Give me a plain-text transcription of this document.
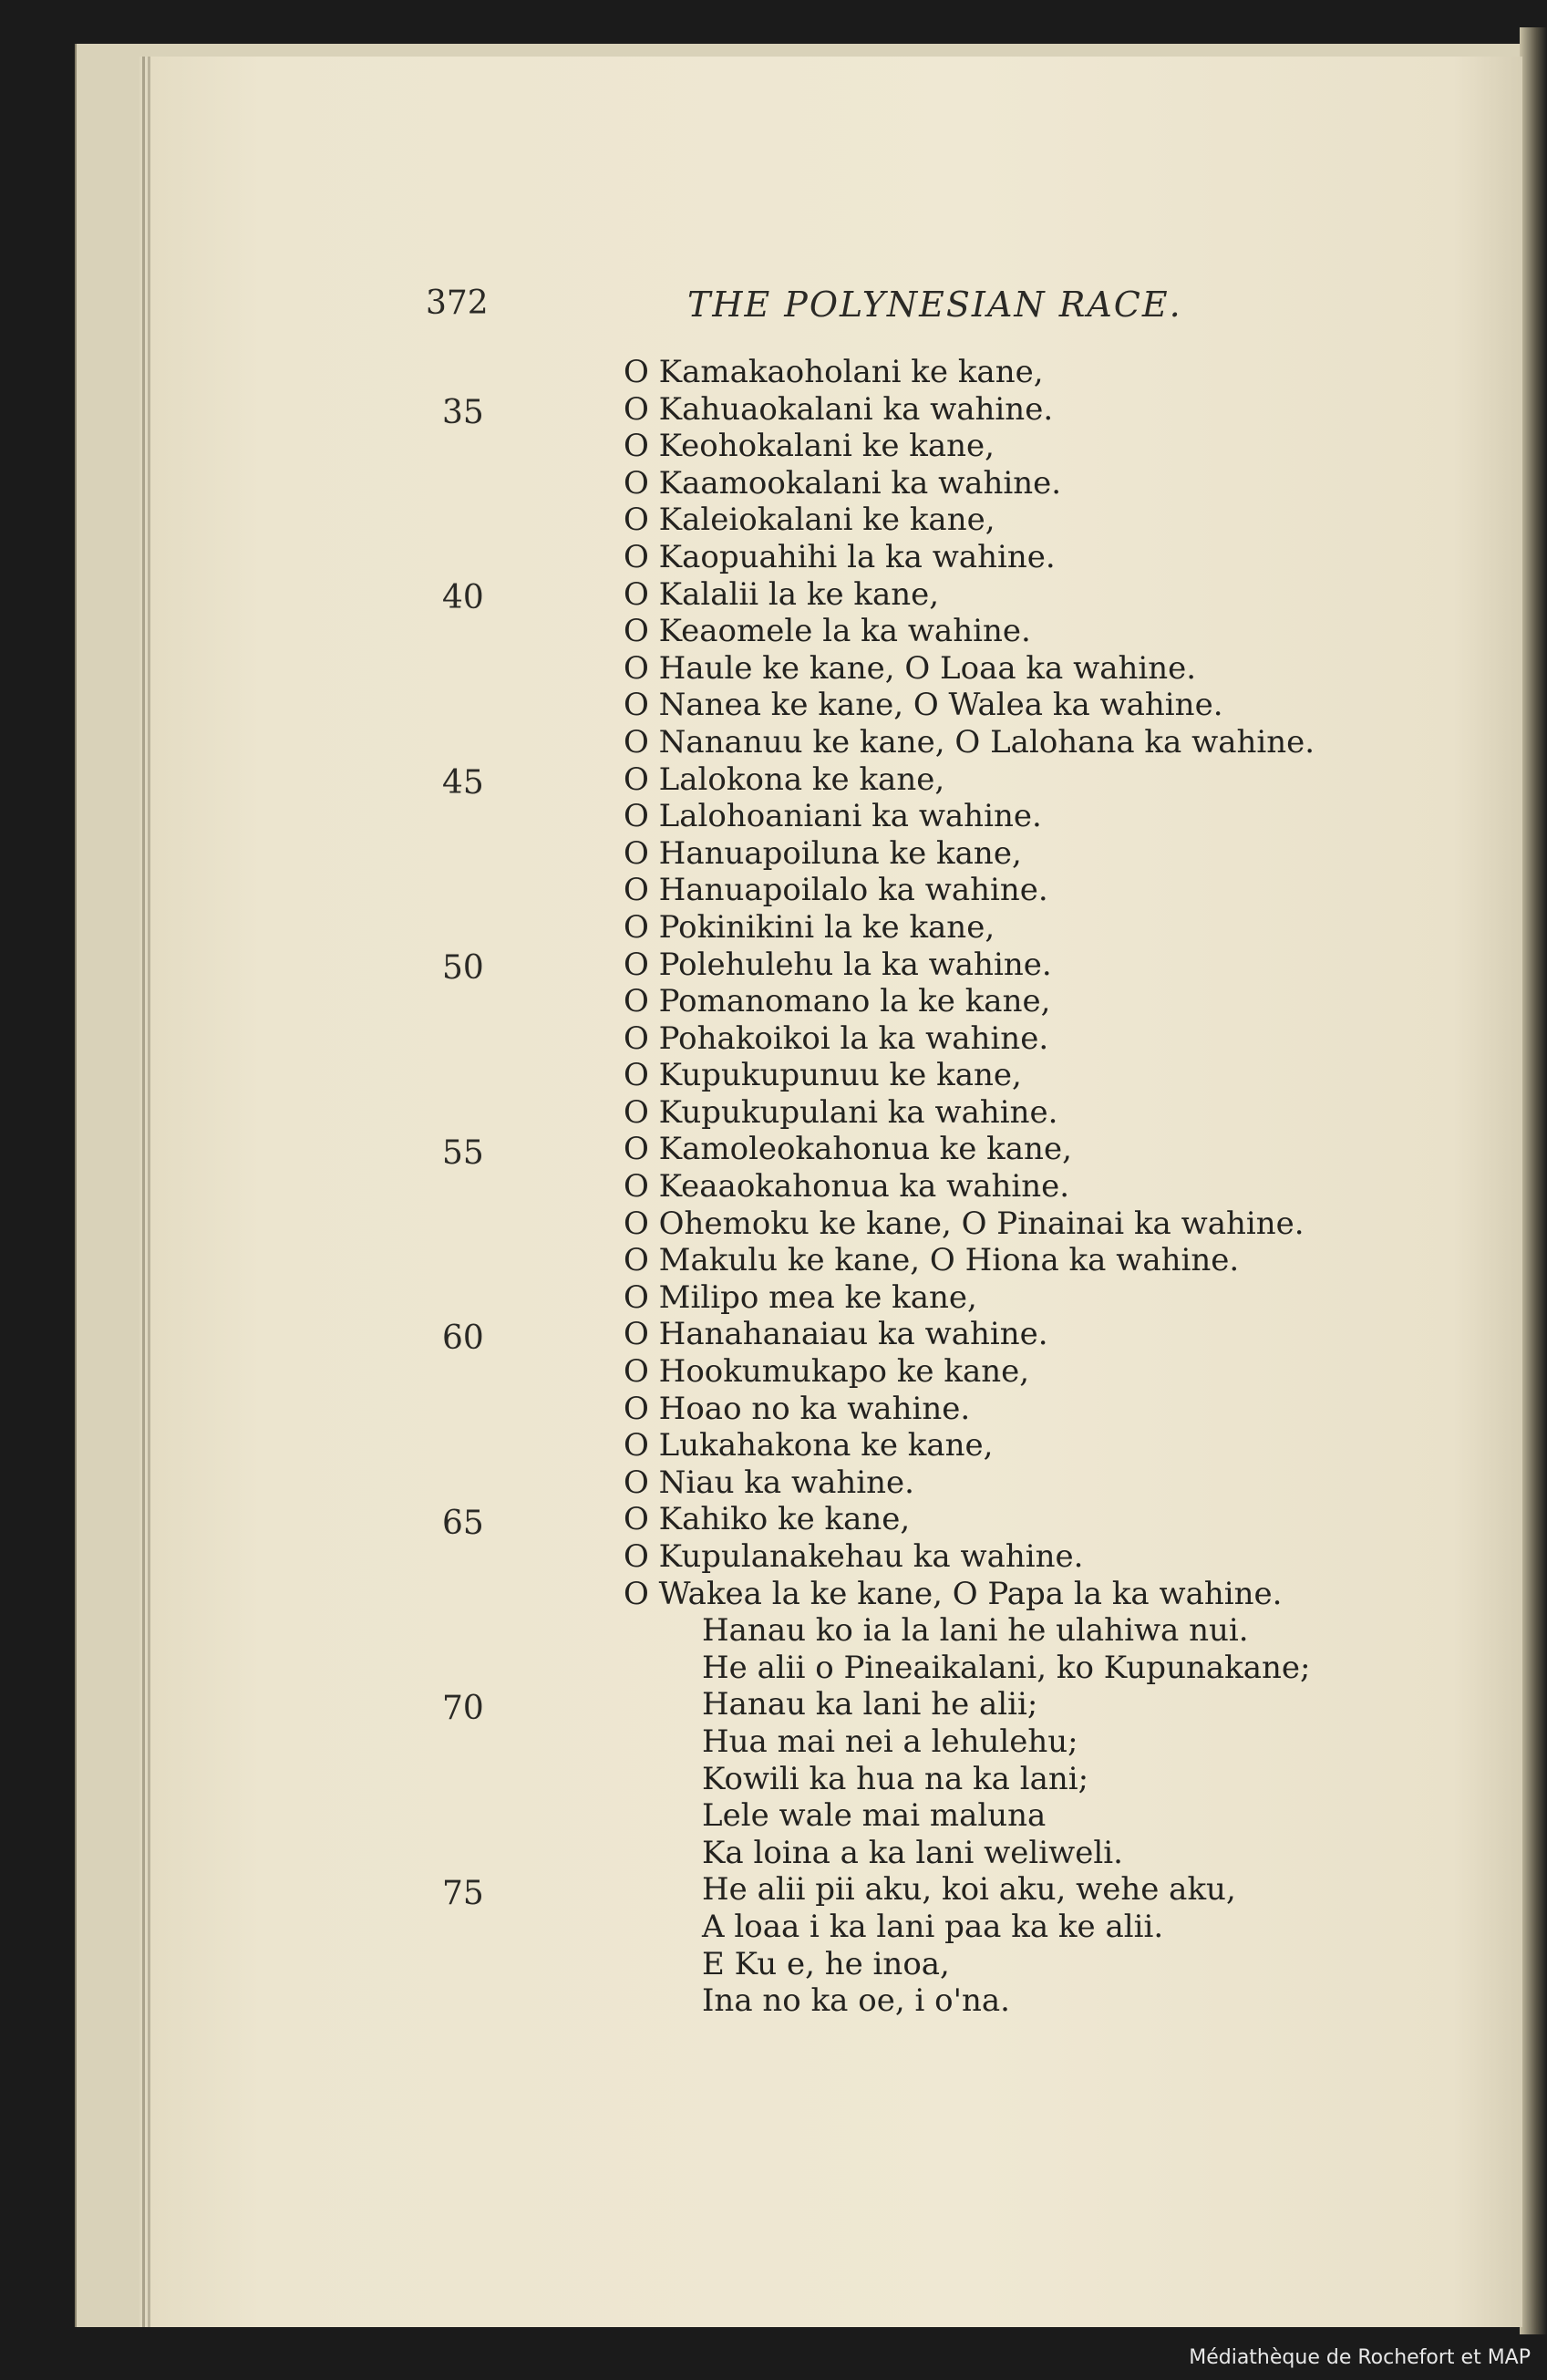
372	THE POLYNESIAN RACE.
35
40
45
50
55
60
65
70
75
O Kamakaoholani ke kane,
O Kahuaokalani ka wahine.
O Keohokalani ke kane,
O Kaamookalani ka wahine.
O Kaleiokalani ke kane,
O Kaopuahihi la ka wahine.
O Kalalii la ke kane,
O Keaomele la ka wahine.
O Haule ke kane, O Loaa ka wahine.
O Nanea ke kane, O Walea ka wahine.
O Nananuu ke kane, O Lalohana ka wahine.
O Lalokona ke kane,
O Lalohoaniani ka wahine.
O Hanuapoiluna ke kane,
O Hanuapoilalo ka wahine.
O Pokinikini la ke kane,
O Polehulehu la ka wahine.
O Pomanomano la ke kane,
O Pohakoikoi la ka wahine.
O Kupukupunuu ke kane,
O Kupukupulani ka wahine.
O Kamoleokahonua ke kane,
O Keaaokahonua ka wahine.
O Ohemoku ke kane, O Pinainai ka wahine.
O Makulu ke kane, O Hiona ka wahine.
O Milipo mea ke kane,
O Hanahanaiau ka wahine.
O Hookumukapo ke kane,
O Hoao no ka wahine.
O Lukahakona ke kane,
O Niau ka wahine.
O Kahiko ke kane,
O Kupulanakehau ka wahine.
O Wakea la ke kane, O Papa la ka wahine.
Hanau ko ia la lani he ulahiwa nui.
He alii o Pineaikalani, ko Kupunakane;
Hanau ka lani he alii;
Hua mai nei a lehulehu;
Kowili ka hua na ka lani;
Lele wale mai maluna
Ka loina a ka lani weliweli.
He alii pii aku, koi aku, wehe aku,
A loaa i ka lani paa ka ke alii.
E Ku e, he inoa,
Ina no ka oe, i o'na.
Médiathèque de Rochefort et MAP
